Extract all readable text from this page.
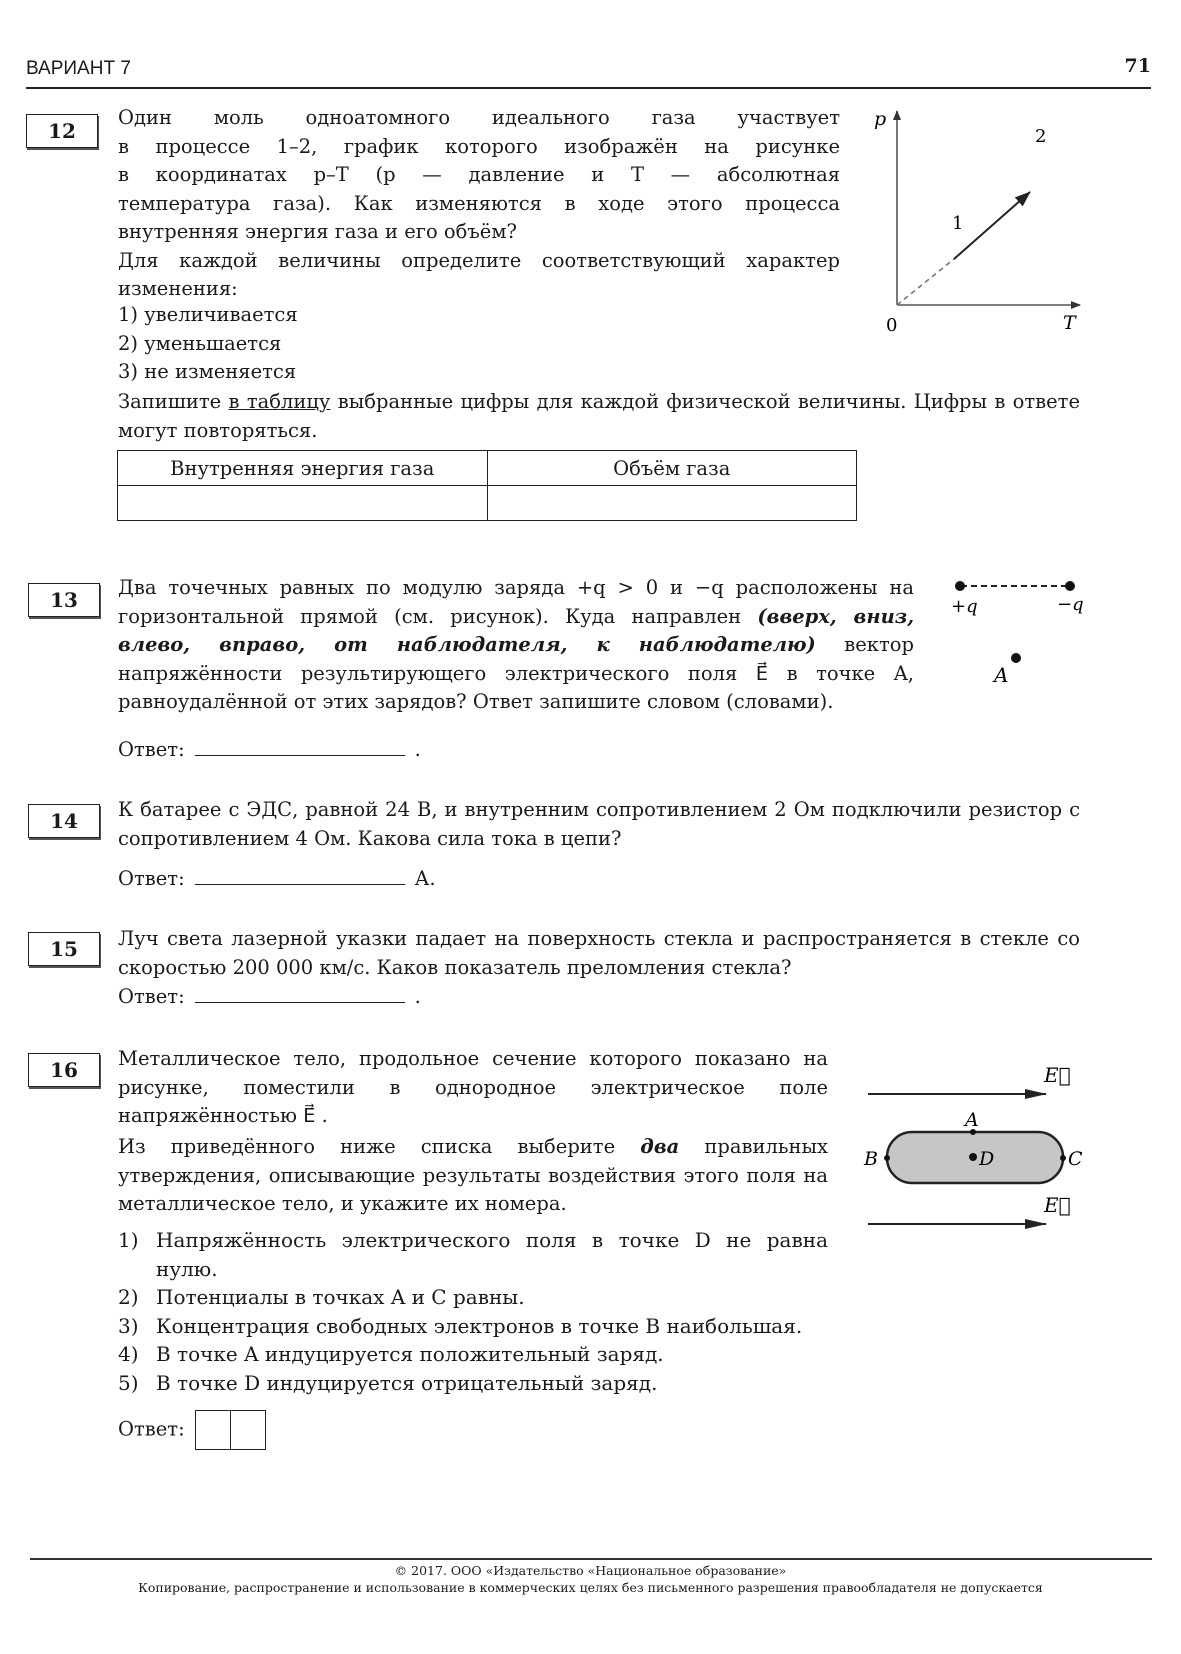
ВАРИАНТ 7	71
12
Один моль одноатомного идеального газа участвует
в процессе 1–2, график которого изображён на рисунке
в координатах p–T (p — давление и T — абсолютная
температура газа). Как изменяются в ходе этого процесса
внутренняя энергия газа и его объём?
Для каждой величины определите соответствующий характер изменения:
1) увеличивается
2) уменьшается
3) не изменяется
Запишите в таблицу выбранные цифры для каждой физической величины. Цифры в ответе могут повторяться.
Внутренняя энергия газа	Объём газа

p
T
0
1
2
13
Два точечных равных по модулю заряда +q > 0 и −q расположены на горизонтальной прямой (см. рисунок). Куда направлен (вверх, вниз, влево, вправо, от наблюдателя, к наблюдателю) вектор напряжённости результирующего электрического поля E⃗ в точке A, равноудалённой от этих зарядов? Ответ запишите словом (словами).
Ответ:	.
+q	−q
A
14	К батарее с ЭДС, равной 24 В, и внутренним сопротивлением 2 Ом подключили резистор с сопротивлением 4 Ом. Какова сила тока в цепи?
Ответ:	А.
15	Луч света лазерной указки падает на поверхность стекла и распространяется в стекле со скоростью 200 000 км/с. Каков показатель преломления стекла?
Ответ:	.
16	Металлическое тело, продольное сечение которого показано на рисунке, поместили в однородное электрическое поле напряжённостью E⃗ .
Из приведённого ниже списка выберите два правильных утверждения, описывающие результаты воздействия этого поля на металлическое тело, и укажите их номера.
1) Напряжённость электрического поля в точке D не равна нулю.
2) Потенциалы в точках A и C равны.
3) Концентрация свободных электронов в точке B наибольшая.
4) В точке A индуцируется положительный заряд.
5) В точке D индуцируется отрицательный заряд.
Ответ:
E⃗
E⃗
A
B	C
D
© 2017. ООО «Издательство «Национальное образование»
Копирование, распространение и использование в коммерческих целях без письменного разрешения правообладателя не допускается
